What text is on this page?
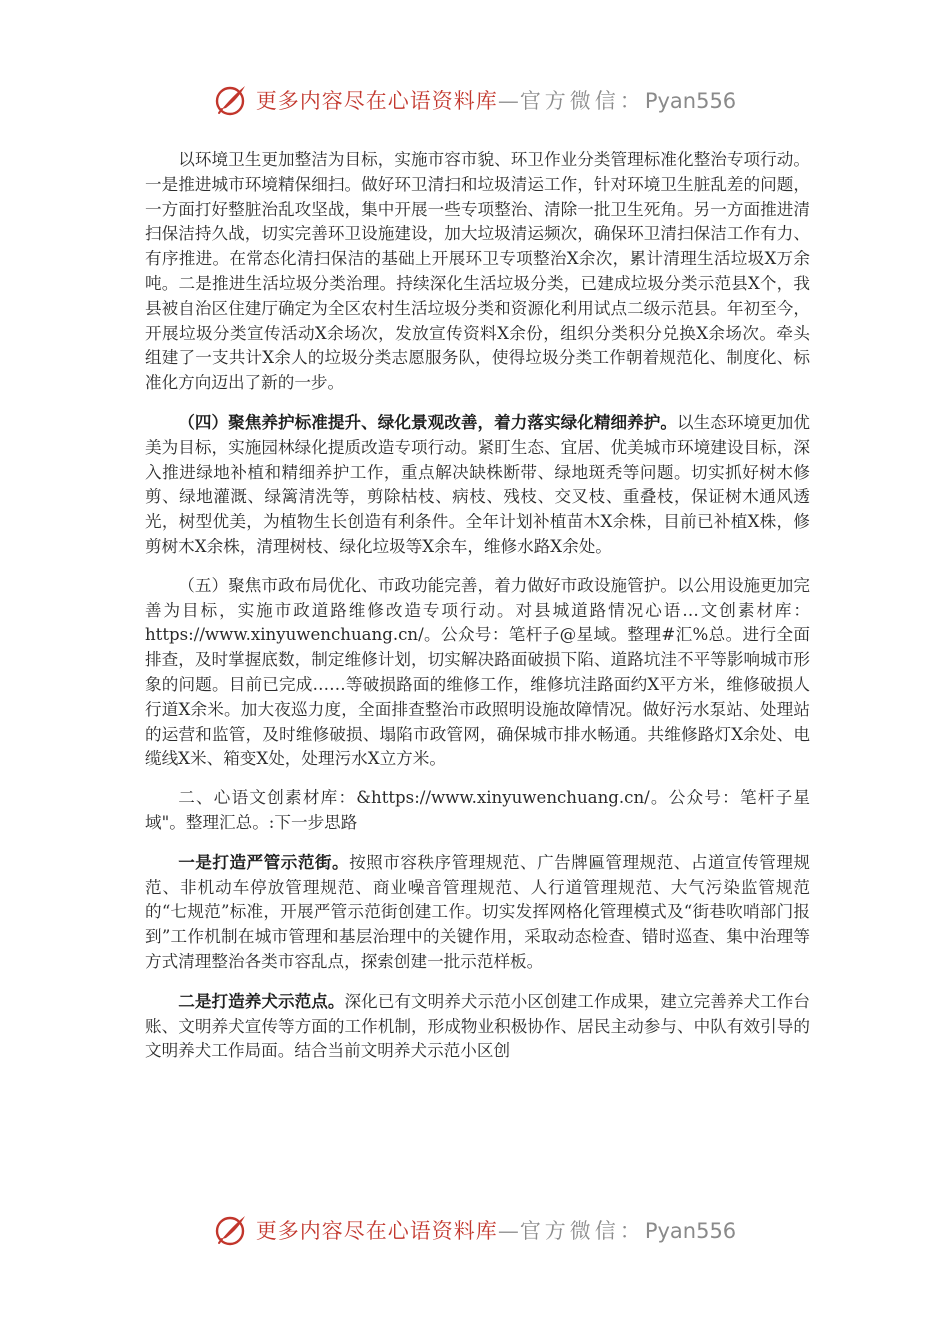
更多内容尽在心语资料库—官方微信：Pyan556

以环境卫生更加整洁为目标，实施市容市貌、环卫作业分类管理标准化整治专项行动。一是推进城市环境精保细扫。做好环卫清扫和垃圾清运工作，针对环境卫生脏乱差的问题，一方面打好整脏治乱攻坚战，集中开展一些专项整治、清除一批卫生死角。另一方面推进清扫保洁持久战，切实完善环卫设施建设，加大垃圾清运频次，确保环卫清扫保洁工作有力、有序推进。在常态化清扫保洁的基础上开展环卫专项整治X余次，累计清理生活垃圾X万余吨。二是推进生活垃圾分类治理。持续深化生活垃圾分类，已建成垃圾分类示范县X个，我县被自治区住建厅确定为全区农村生活垃圾分类和资源化利用试点二级示范县。年初至今，开展垃圾分类宣传活动X余场次，发放宣传资料X余份，组织分类积分兑换X余场次。牵头组建了一支共计X余人的垃圾分类志愿服务队，使得垃圾分类工作朝着规范化、制度化、标准化方向迈出了新的一步。

（四）聚焦养护标准提升、绿化景观改善，着力落实绿化精细养护。以生态环境更加优美为目标，实施园林绿化提质改造专项行动。紧盯生态、宜居、优美城市环境建设目标，深入推进绿地补植和精细养护工作，重点解决缺株断带、绿地斑秃等问题。切实抓好树木修剪、绿地灌溉、绿篱清洗等，剪除枯枝、病枝、残枝、交叉枝、重叠枝，保证树木通风透光，树型优美，为植物生长创造有利条件。全年计划补植苗木X余株，目前已补植X株，修剪树木X余株，清理树枝、绿化垃圾等X余车，维修水路X余处。

（五）聚焦市政布局优化、市政功能完善，着力做好市政设施管护。以公用设施更加完善为目标，实施市政道路维修改造专项行动。对县城道路情况心语…文创素材库：https://www.xinyuwenchuang.cn/。公众号：笔杆子@星域。整理#汇%总。进行全面排查，及时掌握底数，制定维修计划，切实解决路面破损下陷、道路坑洼不平等影响城市形象的问题。目前已完成……等破损路面的维修工作，维修坑洼路面约X平方米，维修破损人行道X余米。加大夜巡力度，全面排查整治市政照明设施故障情况。做好污水泵站、处理站的运营和监管，及时维修破损、塌陷市政管网，确保城市排水畅通。共维修路灯X余处、电缆线X米、箱变X处，处理污水X立方米。

二、心语文创素材库：&https://www.xinyuwenchuang.cn/。公众号：笔杆子星域"。整理汇总。:下一步思路

一是打造严管示范街。按照市容秩序管理规范、广告牌匾管理规范、占道宣传管理规范、非机动车停放管理规范、商业噪音管理规范、人行道管理规范、大气污染监管规范的“七规范”标准，开展严管示范街创建工作。切实发挥网格化管理模式及“街巷吹哨部门报到”工作机制在城市管理和基层治理中的关键作用，采取动态检查、错时巡查、集中治理等方式清理整治各类市容乱点，探索创建一批示范样板。

二是打造养犬示范点。深化已有文明养犬示范小区创建工作成果，建立完善养犬工作台账、文明养犬宣传等方面的工作机制，形成物业积极协作、居民主动参与、中队有效引导的文明养犬工作局面。结合当前文明养犬示范小区创

更多内容尽在心语资料库—官方微信：Pyan556
